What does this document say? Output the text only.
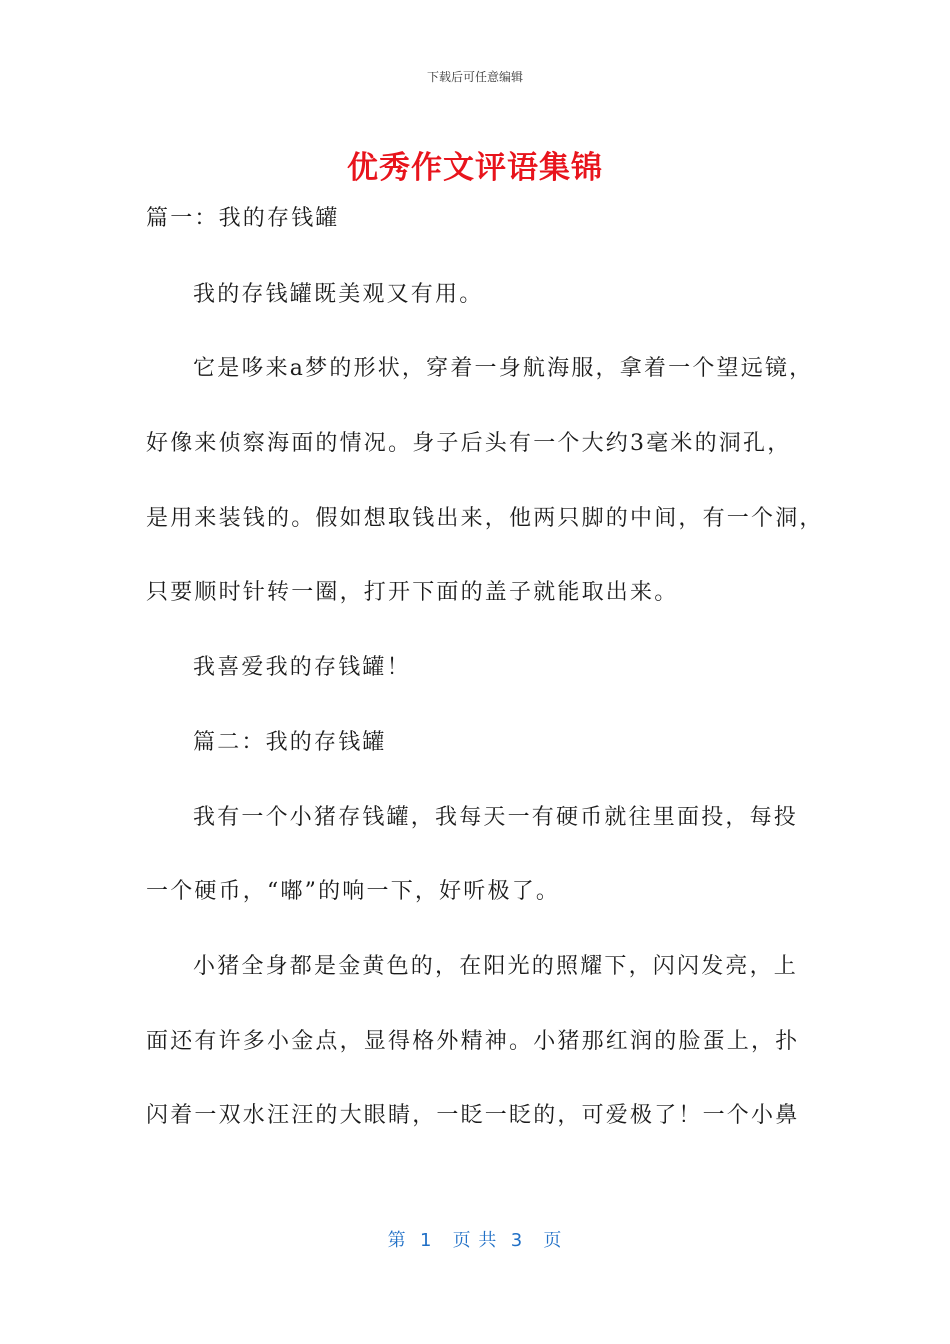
下载后可任意编辑
优秀作文评语集锦
篇一：我的存钱罐
我的存钱罐既美观又有用。
它是哆来a梦的形状，穿着一身航海服，拿着一个望远镜，
好像来侦察海面的情况。身子后头有一个大约3毫米的洞孔，
是用来装钱的。假如想取钱出来，他两只脚的中间，有一个洞，
只要顺时针转一圈，打开下面的盖子就能取出来。
我喜爱我的存钱罐！
篇二：我的存钱罐
我有一个小猪存钱罐，我每天一有硬币就往里面投，每投
一个硬币，“嘟”的响一下，好听极了。
小猪全身都是金黄色的，在阳光的照耀下，闪闪发亮，上
面还有许多小金点，显得格外精神。小猪那红润的脸蛋上，扑
闪着一双水汪汪的大眼睛，一眨一眨的，可爱极了！一个小鼻
第  1   页 共  3   页
